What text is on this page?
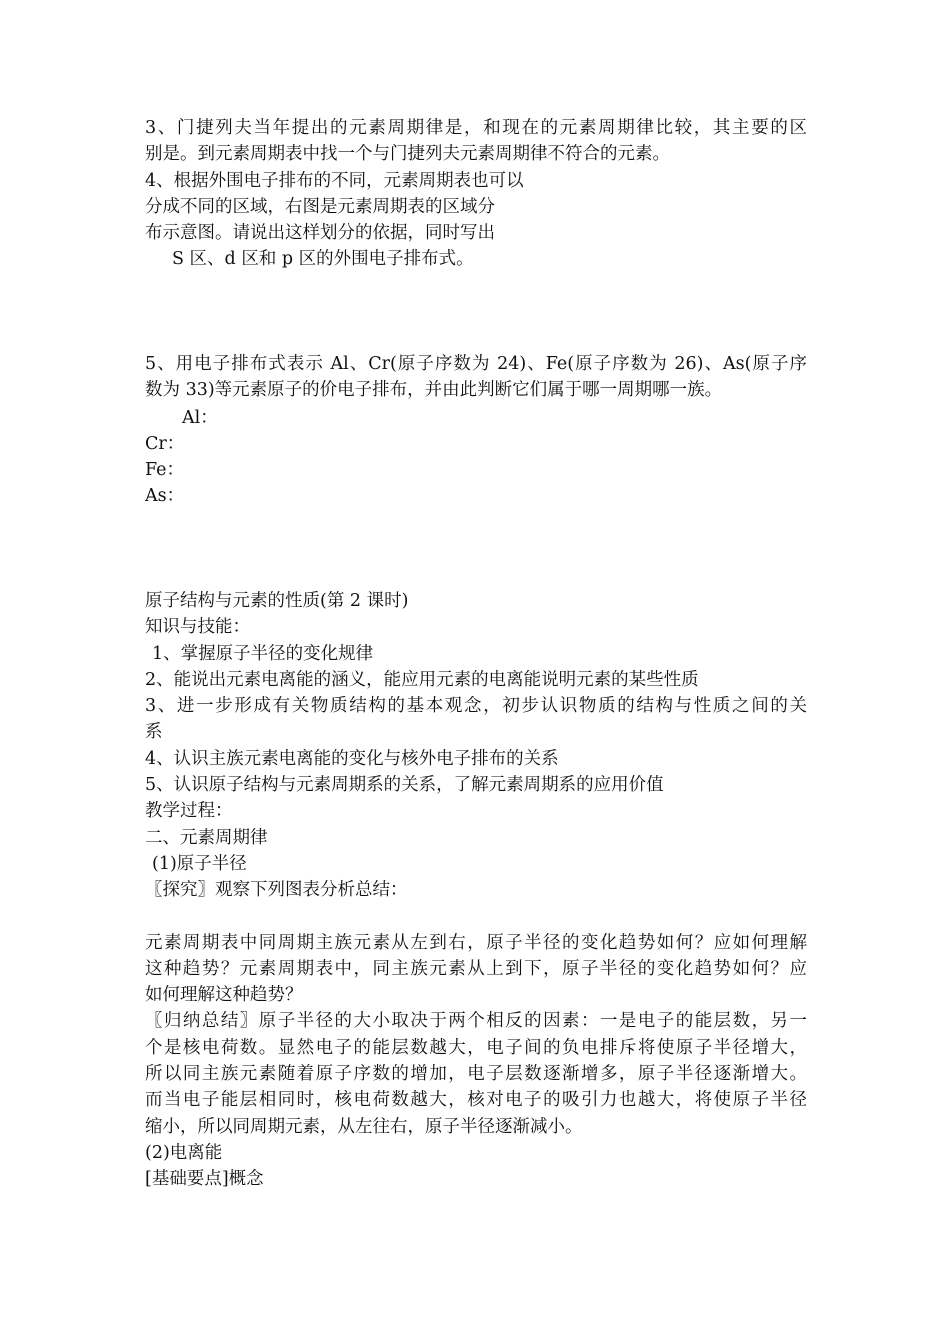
3、门捷列夫当年提出的元素周期律是，和现在的元素周期律比较，其主要的区
别是。到元素周期表中找一个与门捷列夫元素周期律不符合的元素。
4、根据外围电子排布的不同，元素周期表也可以
分成不同的区域，右图是元素周期表的区域分
布示意图。请说出这样划分的依据，同时写出
S 区、d 区和 p 区的外围电子排布式。
5、用电子排布式表示 Al、Cr(原子序数为 24)、Fe(原子序数为 26)、As(原子序
数为 33)等元素原子的价电子排布，并由此判断它们属于哪一周期哪一族。
Al：
Cr：
Fe：
As：
原子结构与元素的性质(第 2 课时)
知识与技能：
1、掌握原子半径的变化规律
2、能说出元素电离能的涵义，能应用元素的电离能说明元素的某些性质
3、进一步形成有关物质结构的基本观念，初步认识物质的结构与性质之间的关
系
4、认识主族元素电离能的变化与核外电子排布的关系
5、认识原子结构与元素周期系的关系，了解元素周期系的应用价值
教学过程：
二、元素周期律
(1)原子半径
〖探究〗观察下列图表分析总结：
元素周期表中同周期主族元素从左到右，原子半径的变化趋势如何？应如何理解
这种趋势？元素周期表中，同主族元素从上到下，原子半径的变化趋势如何？应
如何理解这种趋势？
〖归纳总结〗原子半径的大小取决于两个相反的因素：一是电子的能层数，另一
个是核电荷数。显然电子的能层数越大，电子间的负电排斥将使原子半径增大，
所以同主族元素随着原子序数的增加，电子层数逐渐增多，原子半径逐渐增大。
而当电子能层相同时，核电荷数越大，核对电子的吸引力也越大，将使原子半径
缩小，所以同周期元素，从左往右，原子半径逐渐减小。
(2)电离能
[基础要点]概念
